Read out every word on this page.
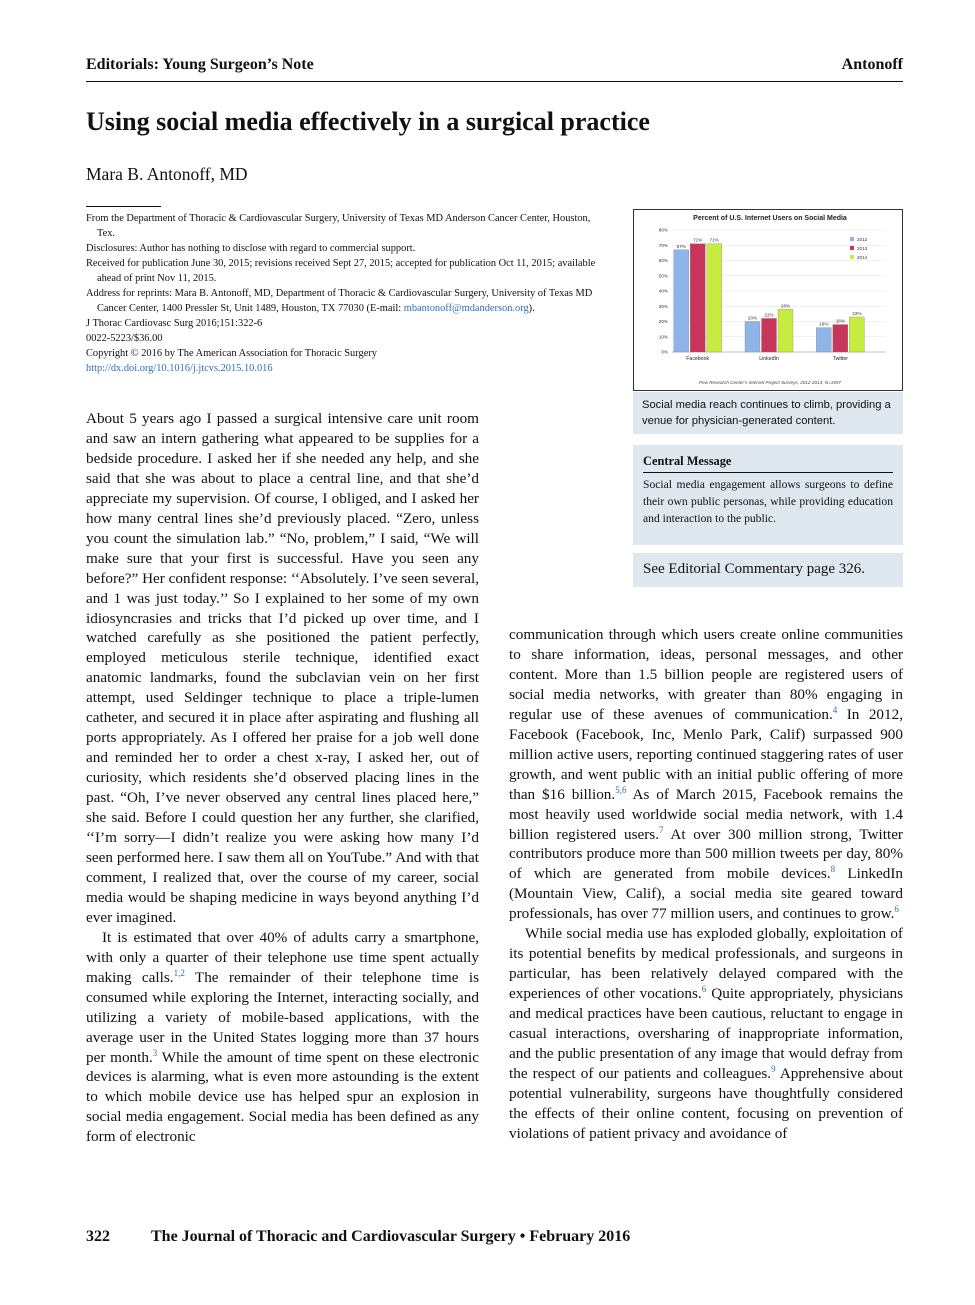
Editorials: Young Surgeon’s Note	Antonoff
Using social media effectively in a surgical practice
Mara B. Antonoff, MD

From the Department of Thoracic & Cardiovascular Surgery, University of Texas MD Anderson Cancer Center, Houston, Tex.

Disclosures: Author has nothing to disclose with regard to commercial support.

Received for publication June 30, 2015; revisions received Sept 27, 2015; accepted for publication Oct 11, 2015; available ahead of print Nov 11, 2015.

Address for reprints: Mara B. Antonoff, MD, Department of Thoracic & Cardiovascular Surgery, University of Texas MD Cancer Center, 1400 Pressler St, Unit 1489, Houston, TX 77030 (E-mail: mbantonoff@mdanderson.org).

J Thorac Cardiovasc Surg 2016;151:322-6

0022-5223/$36.00

Copyright © 2016 by The American Association for Thoracic Surgery

http://dx.doi.org/10.1016/j.jtcvs.2015.10.016

Percent of U.S. Internet Users on Social Media
0%
10%
20%
30%
40%
50%
60%
70%
80%
67%
71% 71%
Facebook
20%
22%
28%
LinkedIn
16%
18%
23%
Twitter
2012
2013
2014
Pew Research Center’s Internet Project Surveys, 2012-2014, N=1597
Social media reach continues to climb, providing a venue for physician-generated content.
Central Message
Social media engagement allows surgeons to define their own public personas, while providing education and interaction to the public.
See Editorial Commentary page 326.

About 5 years ago I passed a surgical intensive care unit room and saw an intern gathering what appeared to be supplies for a bedside procedure. I asked her if she needed any help, and she said that she was about to place a central line, and that she’d appreciate my supervision. Of course, I obliged, and I asked her how many central lines she’d previously placed. “Zero, unless you count the simulation lab.” “No, problem,” I said, “We will make sure that your first is successful. Have you seen any before?” Her confident response: ‘‘Absolutely. I’ve seen several, and 1 was just today.’’ So I explained to her some of my own idiosyncrasies and tricks that I’d picked up over time, and I watched carefully as she positioned the patient perfectly, employed meticulous sterile technique, identified exact anatomic landmarks, found the subclavian vein on her first attempt, used Seldinger technique to place a triple-lumen catheter, and secured it in place after aspirating and flushing all ports appropriately. As I offered her praise for a job well done and reminded her to order a chest x-ray, I asked her, out of curiosity, which residents she’d observed placing lines in the past. “Oh, I’ve never observed any central lines placed here,” she said. Before I could question her any further, she clarified, ‘‘I’m sorry—I didn’t realize you were asking how many I’d seen performed here. I saw them all on YouTube.” And with that comment, I realized that, over the course of my career, social media would be shaping medicine in ways beyond anything I’d ever imagined.

It is estimated that over 40% of adults carry a smartphone, with only a quarter of their telephone use time spent actually making calls.$^{1,2}$ The remainder of their telephone time is consumed while exploring the Internet, interacting socially, and utilizing a variety of mobile-based applications, with the average user in the United States logging more than 37 hours per month.$^3$ While the amount of time spent on these electronic devices is alarming, what is even more astounding is the extent to which mobile device use has helped spur an explosion in social media engagement. Social media has been defined as any form of electronic

communication through which users create online communities to share information, ideas, personal messages, and other content. More than 1.5 billion people are registered users of social media networks, with greater than 80% engaging in regular use of these avenues of communication.$^4$ In 2012, Facebook (Facebook, Inc, Menlo Park, Calif) surpassed 900 million active users, reporting continued staggering rates of user growth, and went public with an initial public offering of more than $16 billion.$^{5,6}$ As of March 2015, Facebook remains the most heavily used worldwide social media network, with 1.4 billion registered users.$^7$ At over 300 million strong, Twitter contributors produce more than 500 million tweets per day, 80% of which are generated from mobile devices.$^8$ LinkedIn (Mountain View, Calif), a social media site geared toward professionals, has over 77 million users, and continues to grow.$^6$

While social media use has exploded globally, exploitation of its potential benefits by medical professionals, and surgeons in particular, has been relatively delayed compared with the experiences of other vocations.$^6$ Quite appropriately, physicians and medical practices have been cautious, reluctant to engage in casual interactions, oversharing of inappropriate information, and the public presentation of any image that would defray from the respect of our patients and colleagues.$^9$ Apprehensive about potential vulnerability, surgeons have thoughtfully considered the effects of their online content, focusing on prevention of violations of patient privacy and avoidance of

322	The Journal of Thoracic and Cardiovascular Surgery • February 2016
